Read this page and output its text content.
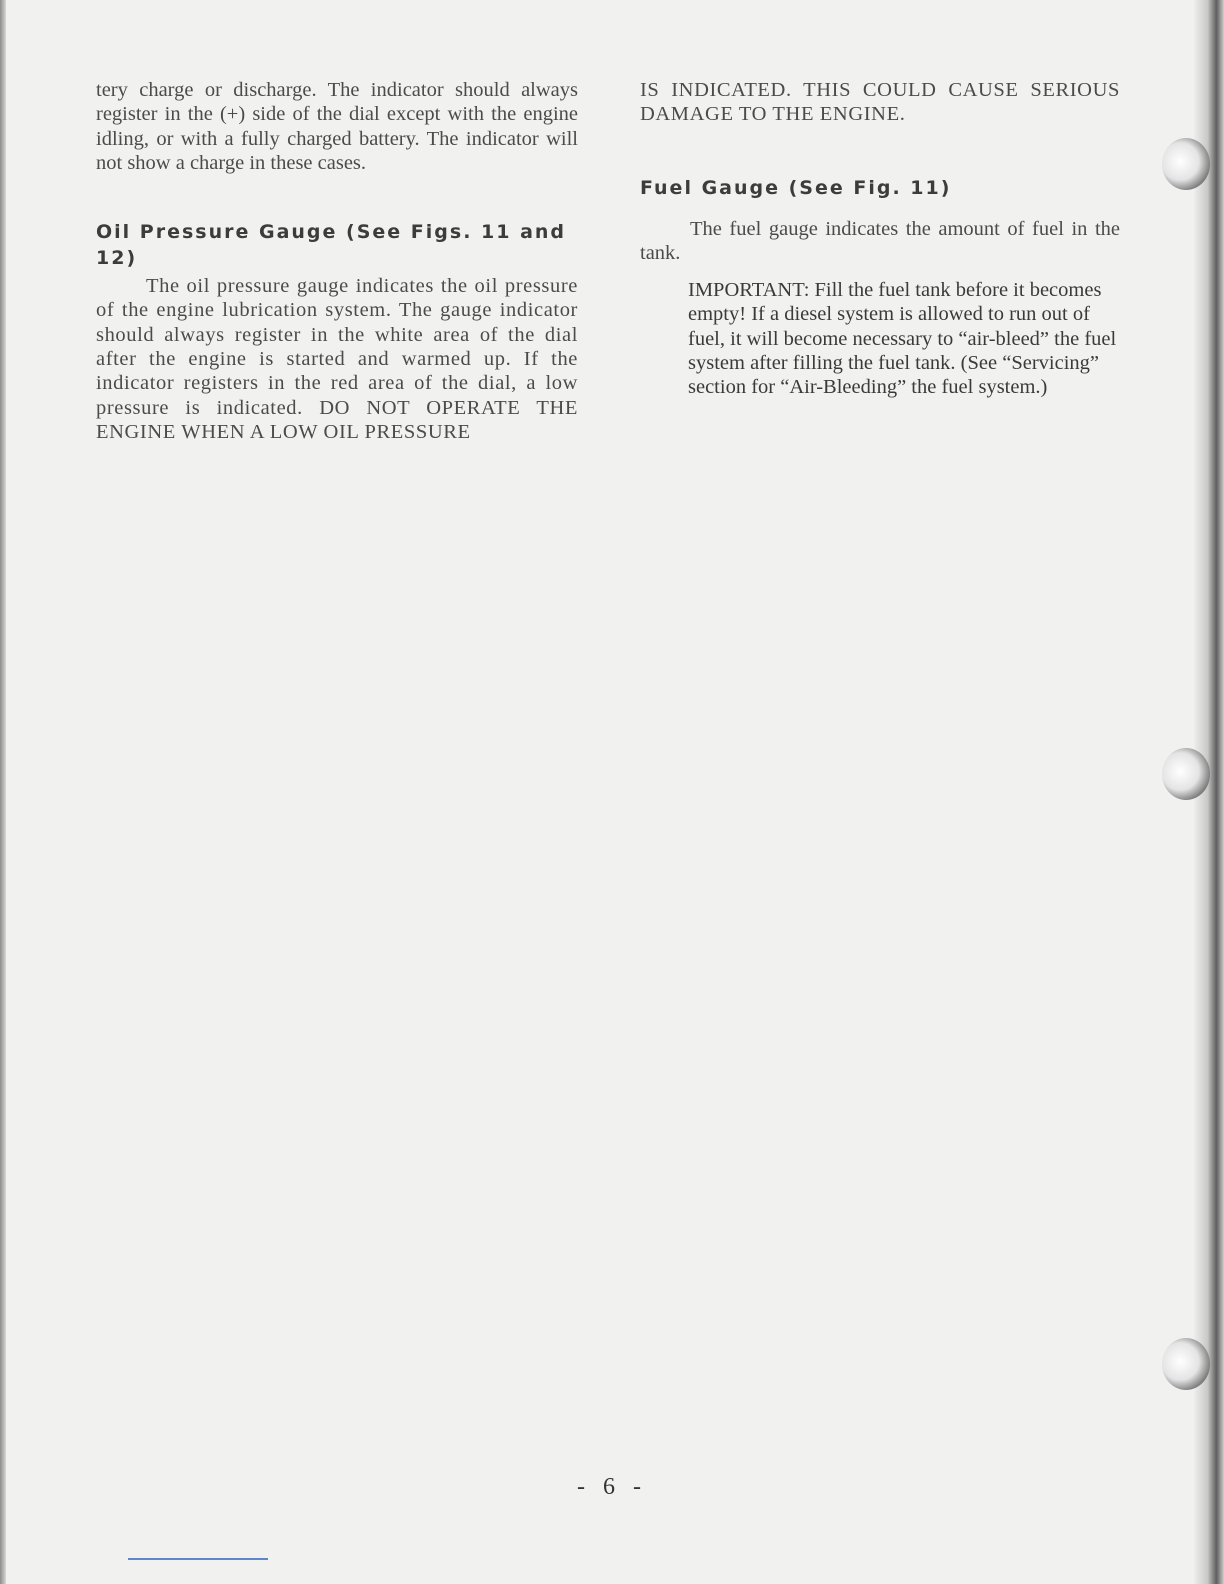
tery charge or discharge. The indicator should always register in the (+) side of the dial except with the engine idling, or with a fully charged battery. The indicator will not show a charge in these cases.

Oil Pressure Gauge (See Figs. 11 and 12)

The oil pressure gauge indicates the oil pressure of the engine lubrication system. The gauge indicator should always register in the white area of the dial after the engine is started and warmed up. If the indicator registers in the red area of the dial, a low pressure is indicated. DO NOT OPERATE THE ENGINE WHEN A LOW OIL PRESSURE

IS INDICATED. THIS COULD CAUSE SERIOUS DAMAGE TO THE ENGINE.

Fuel Gauge (See Fig. 11)

The fuel gauge indicates the amount of fuel in the tank.

IMPORTANT: Fill the fuel tank before it becomes empty! If a diesel system is allowed to run out of fuel, it will become necessary to “air-bleed” the fuel system after filling the fuel tank. (See “Servicing” section for “Air-Bleeding” the fuel system.)

- 6 -
